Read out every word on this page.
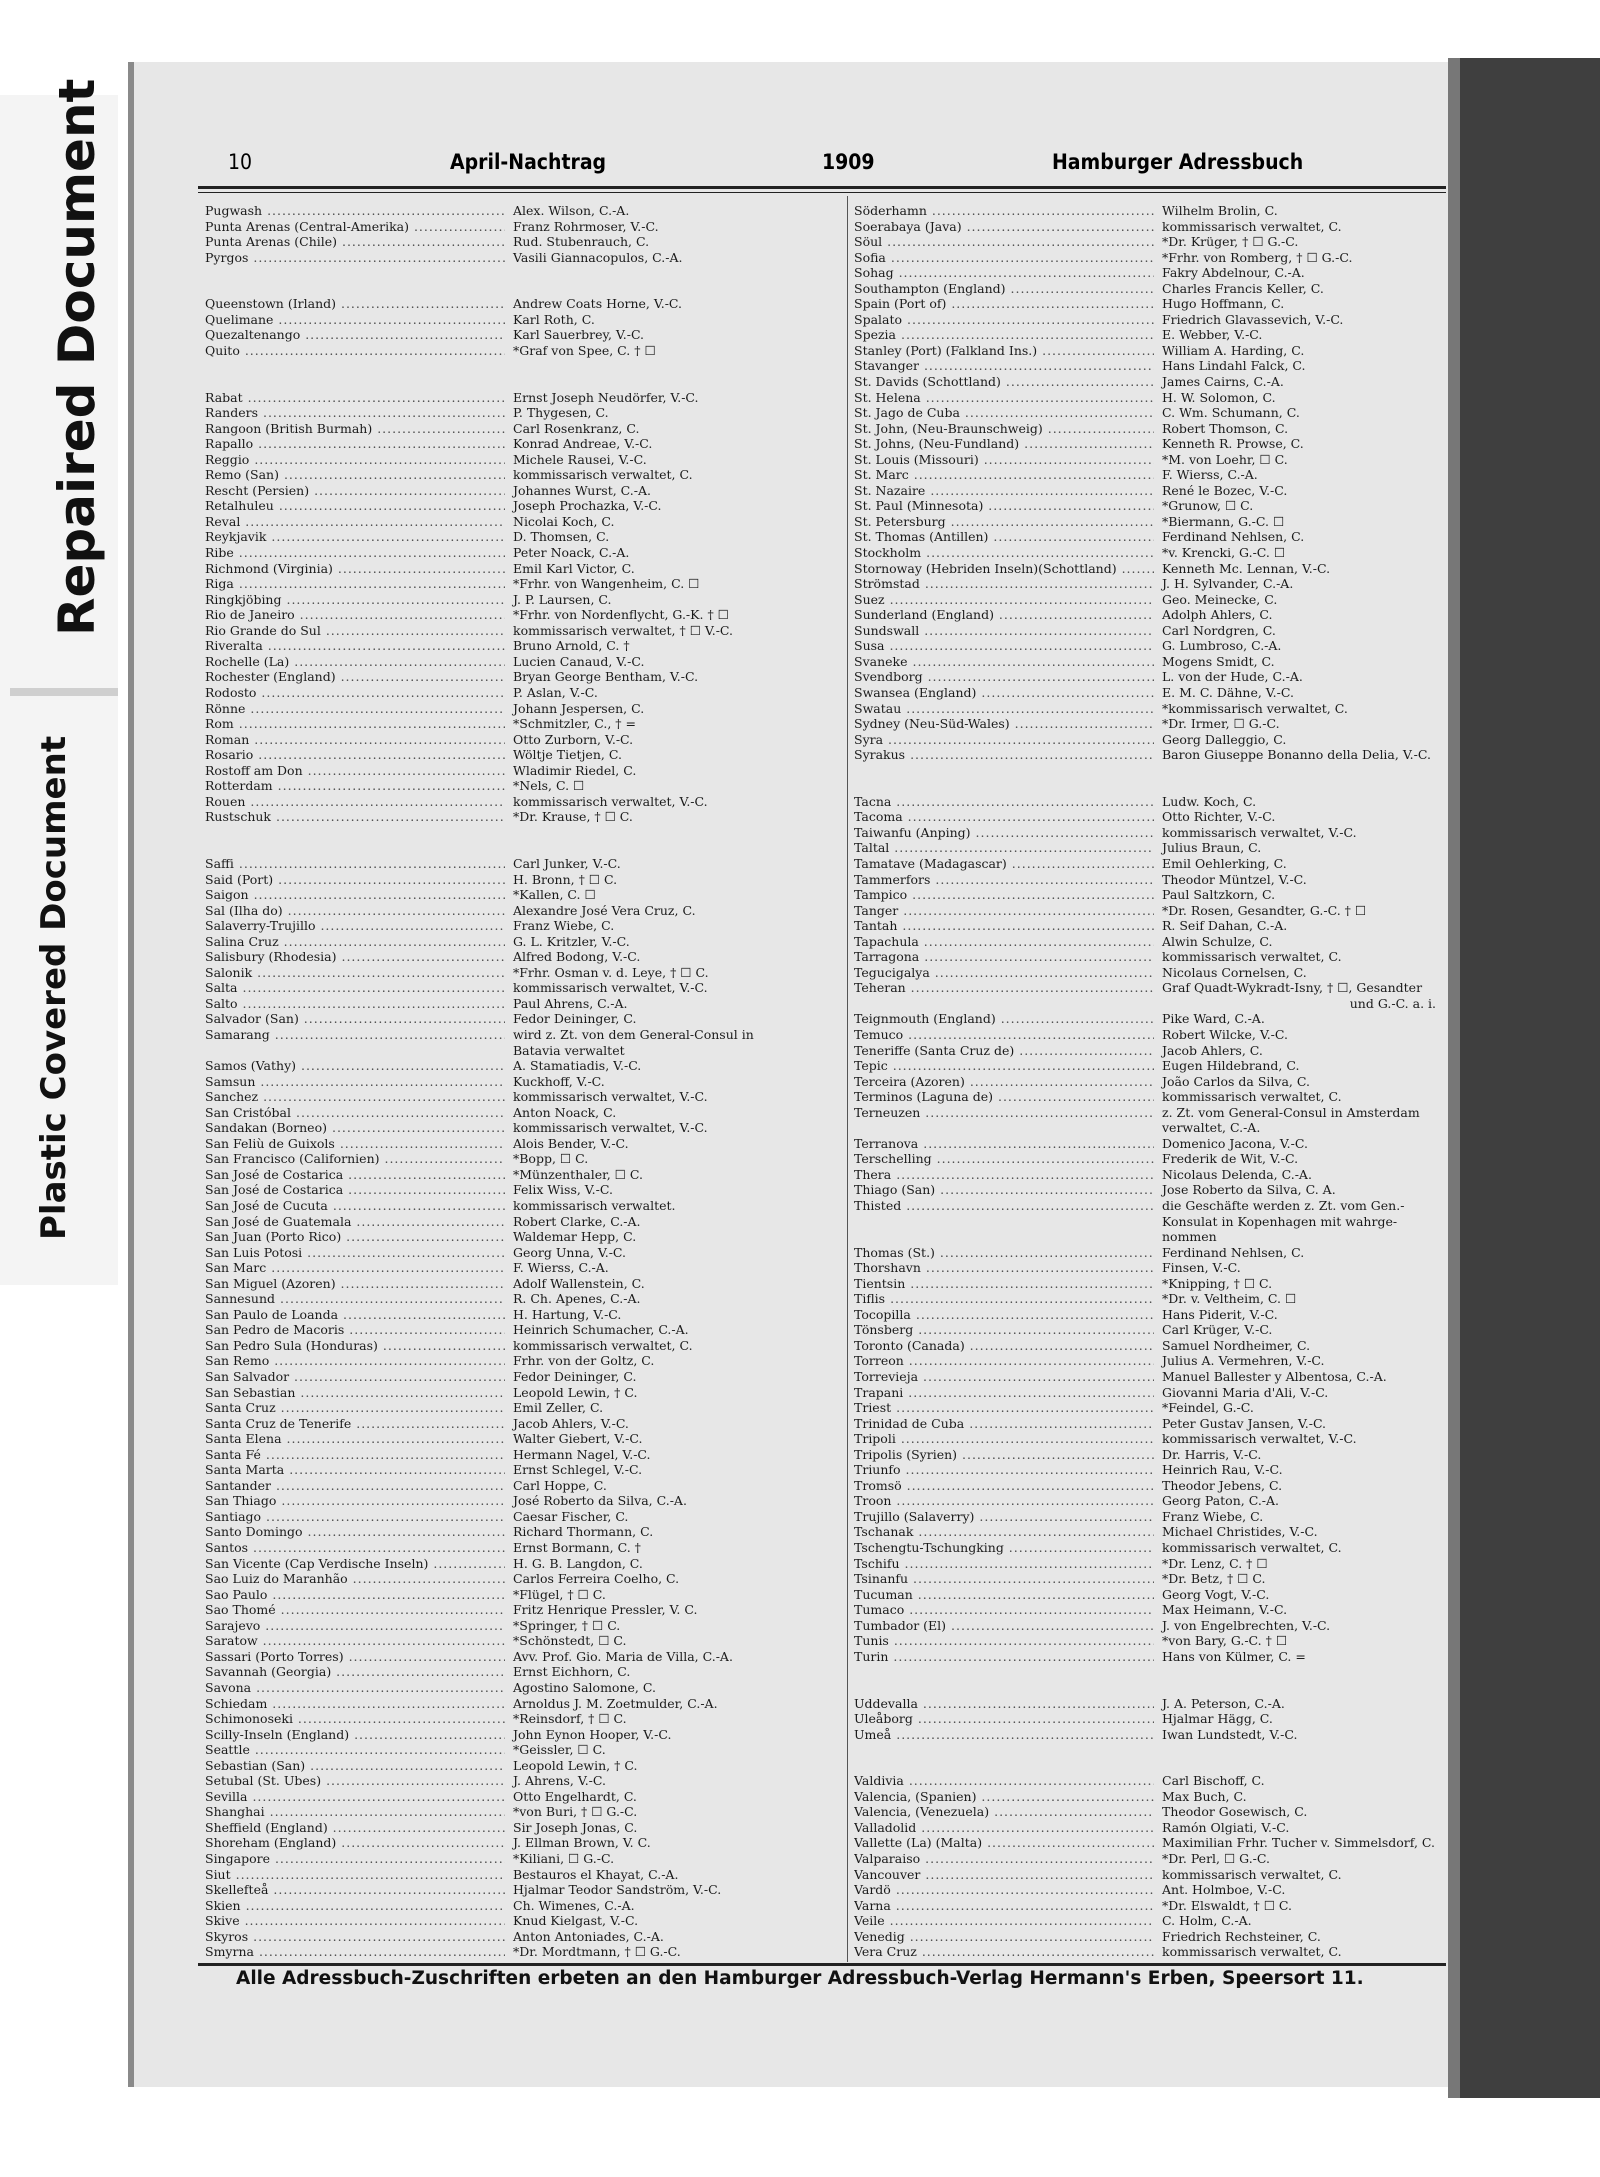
Repaired Document
Plastic Covered Document
10	April-Nachtrag	1909	Hamburger Adressbuch
Pugwash .....	Alex. Wilson, C.-A.
Punta Arenas (Central-Amerika) .....	Franz Rohrmoser, V.-C.
Punta Arenas (Chile) .....	Rud. Stubenrauch, C.
Pyrgos .....	Vasili Giannacopulos, C.-A.
Queenstown (Irland) .....	Andrew Coats Horne, V.-C.
Quelimane .....	Karl Roth, C.
Quezaltenango .....	Karl Sauerbrey, V.-C.
Quito .....	*Graf von Spee, C. † ☐
Rabat .....	Ernst Joseph Neudörfer, V.-C.
Randers .....	P. Thygesen, C.
Rangoon (British Burmah) .....	Carl Rosenkranz, C.
Rapallo .....	Konrad Andreae, V.-C.
Reggio .....	Michele Rausei, V.-C.
Remo (San) .....	kommissarisch verwaltet, C.
Rescht (Persien) .....	Johannes Wurst, C.-A.
Retalhuleu .....	Joseph Prochazka, V.-C.
Reval .....	Nicolai Koch, C.
Reykjavik .....	D. Thomsen, C.
Ribe .....	Peter Noack, C.-A.
Richmond (Virginia) .....	Emil Karl Victor, C.
Riga .....	*Frhr. von Wangenheim, C. ☐
Ringkjöbing .....	J. P. Laursen, C.
Rio de Janeiro .....	*Frhr. von Nordenflycht, G.-K. † ☐
Rio Grande do Sul .....	kommissarisch verwaltet, † ☐ V.-C.
Riveralta .....	Bruno Arnold, C. †
Rochelle (La) .....	Lucien Canaud, V.-C.
Rochester (England) .....	Bryan George Bentham, V.-C.
Rodosto .....	P. Aslan, V.-C.
Rönne .....	Johann Jespersen, C.
Rom .....	*Schmitzler, C., † =
Roman .....	Otto Zurborn, V.-C.
Rosario .....	Wöltje Tietjen, C.
Rostoff am Don .....	Wladimir Riedel, C.
Rotterdam .....	*Nels, C. ☐
Rouen .....	kommissarisch verwaltet, V.-C.
Rustschuk .....	*Dr. Krause, † ☐ C.
Saffi .....	Carl Junker, V.-C.
Said (Port) .....	H. Bronn, † ☐ C.
Saigon .....	*Kallen, C. ☐
Sal (Ilha do) .....	Alexandre José Vera Cruz, C.
Salaverry-Trujillo .....	Franz Wiebe, C.
Salina Cruz .....	G. L. Kritzler, V.-C.
Salisbury (Rhodesia) .....	Alfred Bodong, V.-C.
Salonik .....	*Frhr. Osman v. d. Leye, † ☐ C.
Salta .....	kommissarisch verwaltet, V.-C.
Salto .....	Paul Ahrens, C.-A.
Salvador (San) .....	Fedor Deininger, C.
Samarang .....	wird z. Zt. von dem General-Consul in
Batavia verwaltet
Samos (Vathy) .....	A. Stamatiadis, V.-C.
Samsun .....	Kuckhoff, V.-C.
Sanchez .....	kommissarisch verwaltet, V.-C.
San Cristóbal .....	Anton Noack, C.
Sandakan (Borneo) .....	kommissarisch verwaltet, V.-C.
San Feliù de Guixols .....	Alois Bender, V.-C.
San Francisco (Californien) .....	*Bopp, ☐ C.
San José de Costarica .....	*Münzenthaler, ☐ C.
San José de Costarica .....	Felix Wiss, V.-C.
San José de Cucuta .....	kommissarisch verwaltet.
San José de Guatemala .....	Robert Clarke, C.-A.
San Juan (Porto Rico) .....	Waldemar Hepp, C.
San Luis Potosi .....	Georg Unna, V.-C.
San Marc .....	F. Wierss, C.-A.
San Miguel (Azoren) .....	Adolf Wallenstein, C.
Sannesund .....	R. Ch. Apenes, C.-A.
San Paulo de Loanda .....	H. Hartung, V.-C.
San Pedro de Macoris .....	Heinrich Schumacher, C.-A.
San Pedro Sula (Honduras) .....	kommissarisch verwaltet, C.
San Remo .....	Frhr. von der Goltz, C.
San Salvador .....	Fedor Deininger, C.
San Sebastian .....	Leopold Lewin, † C.
Santa Cruz .....	Emil Zeller, C.
Santa Cruz de Tenerife .....	Jacob Ahlers, V.-C.
Santa Elena .....	Walter Giebert, V.-C.
Santa Fé .....	Hermann Nagel, V.-C.
Santa Marta .....	Ernst Schlegel, V.-C.
Santander .....	Carl Hoppe, C.
San Thiago .....	José Roberto da Silva, C.-A.
Santiago .....	Caesar Fischer, C.
Santo Domingo .....	Richard Thormann, C.
Santos .....	Ernst Bormann, C. †
San Vicente (Cap Verdische Inseln) .....	H. G. B. Langdon, C.
Sao Luiz do Maranhão .....	Carlos Ferreira Coelho, C.
Sao Paulo .....	*Flügel, † ☐ C.
Sao Thomé .....	Fritz Henrique Pressler, V. C.
Sarajevo .....	*Springer, † ☐ C.
Saratow .....	*Schönstedt, ☐ C.
Sassari (Porto Torres) .....	Avv. Prof. Gio. Maria de Villa, C.-A.
Savannah (Georgia) .....	Ernst Eichhorn, C.
Savona .....	Agostino Salomone, C.
Schiedam .....	Arnoldus J. M. Zoetmulder, C.-A.
Schimonoseki .....	*Reinsdorf, † ☐ C.
Scilly-Inseln (England) .....	John Eynon Hooper, V.-C.
Seattle .....	*Geissler, ☐ C.
Sebastian (San) .....	Leopold Lewin, † C.
Setubal (St. Ubes) .....	J. Ahrens, V.-C.
Sevilla .....	Otto Engelhardt, C.
Shanghai .....	*von Buri, † ☐ G.-C.
Sheffield (England) .....	Sir Joseph Jonas, C.
Shoreham (England) .....	J. Ellman Brown, V. C.
Singapore .....	*Kiliani, ☐ G.-C.
Siut .....	Bestauros el Khayat, C.-A.
Skellefteå .....	Hjalmar Teodor Sandström, V.-C.
Skien .....	Ch. Wimenes, C.-A.
Skive .....	Knud Kielgast, V.-C.
Skyros .....	Anton Antoniades, C.-A.
Smyrna .....	*Dr. Mordtmann, † ☐ G.-C.
Söderhamn .....	Wilhelm Brolin, C.
Soerabaya (Java) .....	kommissarisch verwaltet, C.
Söul .....	*Dr. Krüger, † ☐ G.-C.
Sofia .....	*Frhr. von Romberg, † ☐ G.-C.
Sohag .....	Fakry Abdelnour, C.-A.
Southampton (England) .....	Charles Francis Keller, C.
Spain (Port of) .....	Hugo Hoffmann, C.
Spalato .....	Friedrich Glavassevich, V.-C.
Spezia .....	E. Webber, V.-C.
Stanley (Port) (Falkland Ins.) .....	William A. Harding, C.
Stavanger .....	Hans Lindahl Falck, C.
St. Davids (Schottland) .....	James Cairns, C.-A.
St. Helena .....	H. W. Solomon, C.
St. Jago de Cuba .....	C. Wm. Schumann, C.
St. John, (Neu-Braunschweig) .....	Robert Thomson, C.
St. Johns, (Neu-Fundland) .....	Kenneth R. Prowse, C.
St. Louis (Missouri) .....	*M. von Loehr, ☐ C.
St. Marc .....	F. Wierss, C.-A.
St. Nazaire .....	René le Bozec, V.-C.
St. Paul (Minnesota) .....	*Grunow, ☐ C.
St. Petersburg .....	*Biermann, G.-C. ☐
St. Thomas (Antillen) .....	Ferdinand Nehlsen, C.
Stockholm .....	*v. Krencki, G.-C. ☐
Stornoway (Hebriden Inseln)(Schottland) .....	Kenneth Mc. Lennan, V.-C.
Strömstad .....	J. H. Sylvander, C.-A.
Suez .....	Geo. Meinecke, C.
Sunderland (England) .....	Adolph Ahlers, C.
Sundswall .....	Carl Nordgren, C.
Susa .....	G. Lumbroso, C.-A.
Svaneke .....	Mogens Smidt, C.
Svendborg .....	L. von der Hude, C.-A.
Swansea (England) .....	E. M. C. Dähne, V.-C.
Swatau .....	*kommissarisch verwaltet, C.
Sydney (Neu-Süd-Wales) .....	*Dr. Irmer, ☐ G.-C.
Syra .....	Georg Dalleggio, C.
Syrakus .....	Baron Giuseppe Bonanno della Delia, V.-C.
Tacna .....	Ludw. Koch, C.
Tacoma .....	Otto Richter, V.-C.
Taiwanfu (Anping) .....	kommissarisch verwaltet, V.-C.
Taltal .....	Julius Braun, C.
Tamatave (Madagascar) .....	Emil Oehlerking, C.
Tammerfors .....	Theodor Müntzel, V.-C.
Tampico .....	Paul Saltzkorn, C.
Tanger .....	*Dr. Rosen, Gesandter, G.-C. † ☐
Tantah .....	R. Seif Dahan, C.-A.
Tapachula .....	Alwin Schulze, C.
Tarragona .....	kommissarisch verwaltet, C.
Tegucigalya .....	Nicolaus Cornelsen, C.
Teheran .....	Graf Quadt-Wykradt-Isny, † ☐, Gesandter
und G.-C. a. i.
Teignmouth (England) .....	Pike Ward, C.-A.
Temuco .....	Robert Wilcke, V.-C.
Teneriffe (Santa Cruz de) .....	Jacob Ahlers, C.
Tepic .....	Eugen Hildebrand, C.
Terceira (Azoren) .....	João Carlos da Silva, C.
Terminos (Laguna de) .....	kommissarisch verwaltet, C.
Terneuzen .....	z. Zt. vom General-Consul in Amsterdam
verwaltet, C.-A.
Terranova .....	Domenico Jacona, V.-C.
Terschelling .....	Frederik de Wit, V.-C.
Thera .....	Nicolaus Delenda, C.-A.
Thiago (San) .....	Jose Roberto da Silva, C. A.
Thisted .....	die Geschäfte werden z. Zt. vom Gen.-
Konsulat in Kopenhagen mit wahrge-
nommen
Thomas (St.) .....	Ferdinand Nehlsen, C.
Thorshavn .....	Finsen, V.-C.
Tientsin .....	*Knipping, † ☐ C.
Tiflis .....	*Dr. v. Veltheim, C. ☐
Tocopilla .....	Hans Piderit, V.-C.
Tönsberg .....	Carl Krüger, V.-C.
Toronto (Canada) .....	Samuel Nordheimer, C.
Torreon .....	Julius A. Vermehren, V.-C.
Torrevieja .....	Manuel Ballester y Albentosa, C.-A.
Trapani .....	Giovanni Maria d'Ali, V.-C.
Triest .....	*Feindel, G.-C.
Trinidad de Cuba .....	Peter Gustav Jansen, V.-C.
Tripoli .....	kommissarisch verwaltet, V.-C.
Tripolis (Syrien) .....	Dr. Harris, V.-C.
Triunfo .....	Heinrich Rau, V.-C.
Tromsö .....	Theodor Jebens, C.
Troon .....	Georg Paton, C.-A.
Trujillo (Salaverry) .....	Franz Wiebe, C.
Tschanak .....	Michael Christides, V.-C.
Tschengtu-Tschungking .....	kommissarisch verwaltet, C.
Tschifu .....	*Dr. Lenz, C. † ☐
Tsinanfu .....	*Dr. Betz, † ☐ C.
Tucuman .....	Georg Vogt, V.-C.
Tumaco .....	Max Heimann, V.-C.
Tumbador (El) .....	J. von Engelbrechten, V.-C.
Tunis .....	*von Bary, G.-C. † ☐
Turin .....	Hans von Külmer, C. =
Uddevalla .....	J. A. Peterson, C.-A.
Uleåborg .....	Hjalmar Hägg, C.
Umeå .....	Iwan Lundstedt, V.-C.
Valdivia .....	Carl Bischoff, C.
Valencia, (Spanien) .....	Max Buch, C.
Valencia, (Venezuela) .....	Theodor Gosewisch, C.
Valladolid .....	Ramón Olgiati, V.-C.
Vallette (La) (Malta) .....	Maximilian Frhr. Tucher v. Simmelsdorf, C.
Valparaiso .....	*Dr. Perl, ☐ G.-C.
Vancouver .....	kommissarisch verwaltet, C.
Vardö .....	Ant. Holmboe, V.-C.
Varna .....	*Dr. Elswaldt, † ☐ C.
Veile .....	C. Holm, C.-A.
Venedig .....	Friedrich Rechsteiner, C.
Vera Cruz .....	kommissarisch verwaltet, C.
Alle Adressbuch-Zuschriften erbeten an den Hamburger Adressbuch-Verlag Hermann's Erben, Speersort 11.
